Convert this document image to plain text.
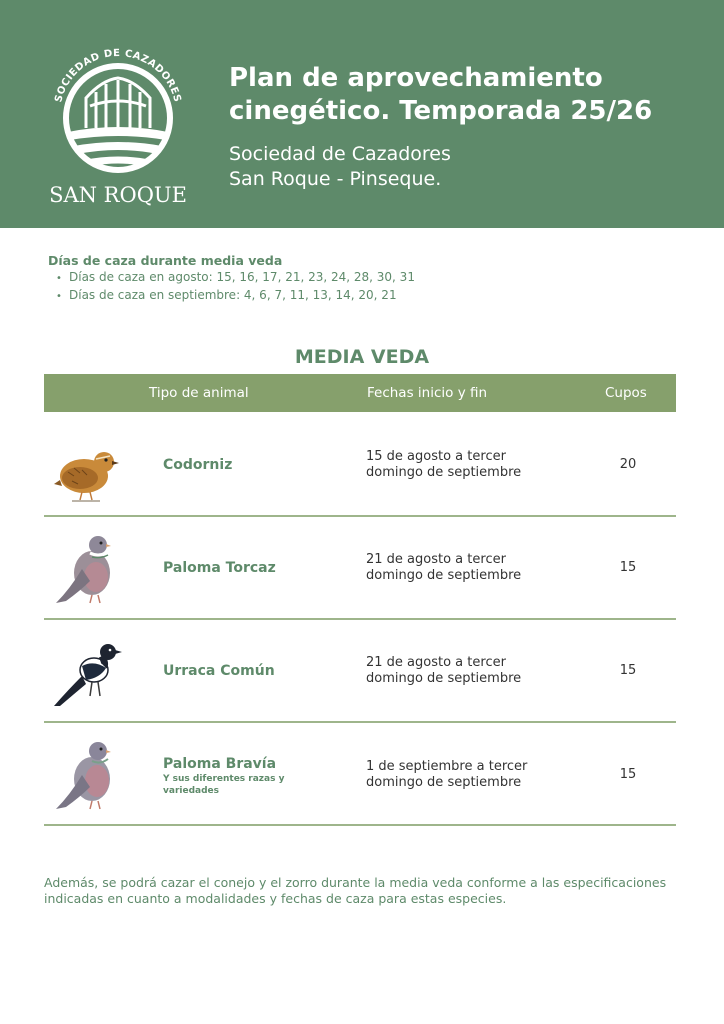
SOCIEDAD DE CAZADORES
SAN ROQUE
Plan de aprovechamiento cinegético. Temporada 25/26
Sociedad de Cazadores
San Roque - Pinseque.
Días de caza durante media veda
• Días de caza en agosto: 15, 16, 17, 21, 23, 24, 28, 30, 31
• Días de caza en septiembre: 4, 6, 7, 11, 13, 14, 20, 21
MEDIA VEDA
Tipo de animal	Fechas inicio y fin	Cupos
Codorniz
15 de agosto a tercer
domingo de septiembre
20
Paloma Torcaz
21 de agosto a tercer
domingo de septiembre
15
Urraca Común
21 de agosto a tercer
domingo de septiembre
15
Paloma Bravía
Y sus diferentes razas y variedades
1 de septiembre a tercer
domingo de septiembre
15
Además, se podrá cazar el conejo y el zorro durante la media veda conforme a las especificaciones indicadas en cuanto a modalidades y fechas de caza para estas especies.
